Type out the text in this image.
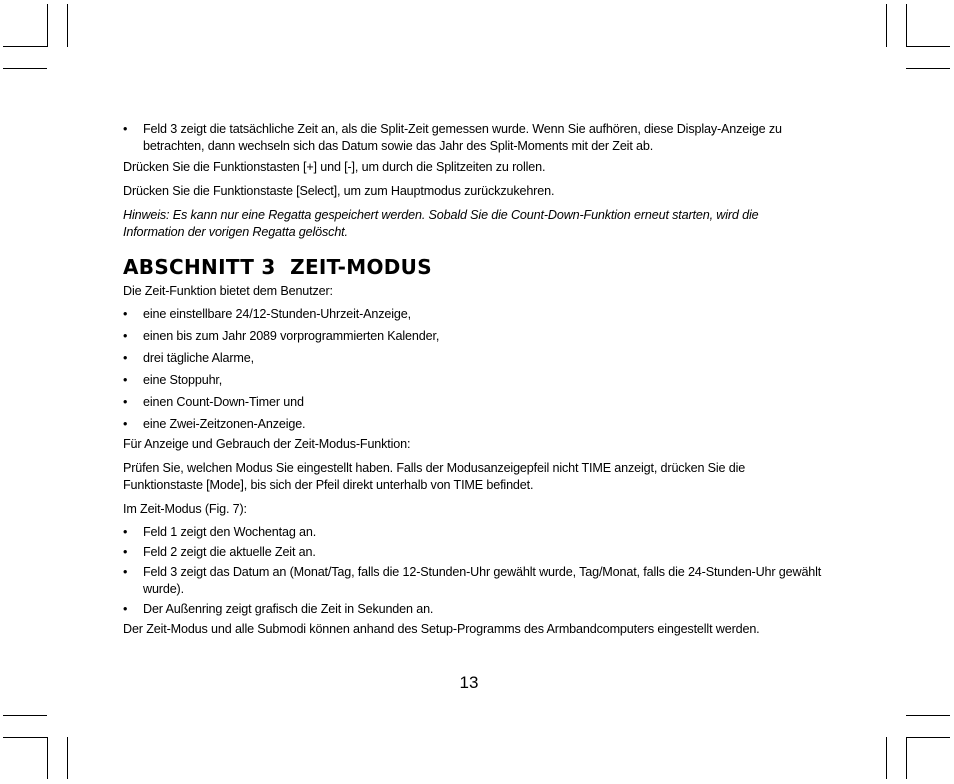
• Feld 3 zeigt die tatsächliche Zeit an, als die Split-Zeit gemessen wurde. Wenn Sie aufhören, diese Display-Anzeige zu betrachten, dann wechseln sich das Datum sowie das Jahr des Split-Moments mit der Zeit ab.

Drücken Sie die Funktionstasten [+] und [-], um durch die Splitzeiten zu rollen.

Drücken Sie die Funktionstaste [Select], um zum Hauptmodus zurückzukehren.

Hinweis: Es kann nur eine Regatta gespeichert werden. Sobald Sie die Count-Down-Funktion erneut starten, wird die Information der vorigen Regatta gelöscht.

ABSCHNITT 3  ZEIT-MODUS

Die Zeit-Funktion bietet dem Benutzer:

• eine einstellbare 24/12-Stunden-Uhrzeit-Anzeige,
• einen bis zum Jahr 2089 vorprogrammierten Kalender,
• drei tägliche Alarme,
• eine Stoppuhr,
• einen Count-Down-Timer und
• eine Zwei-Zeitzonen-Anzeige.

Für Anzeige und Gebrauch der Zeit-Modus-Funktion:

Prüfen Sie, welchen Modus Sie eingestellt haben. Falls der Modusanzeigepfeil nicht TIME anzeigt, drücken Sie die Funktionstaste [Mode], bis sich der Pfeil direkt unterhalb von TIME befindet.

Im Zeit-Modus (Fig. 7):

• Feld 1 zeigt den Wochentag an.
• Feld 2 zeigt die aktuelle Zeit an.
• Feld 3 zeigt das Datum an (Monat/Tag, falls die 12-Stunden-Uhr gewählt wurde, Tag/Monat, falls die 24-Stunden-Uhr gewählt wurde).
• Der Außenring zeigt grafisch die Zeit in Sekunden an.

Der Zeit-Modus und alle Submodi können anhand des Setup-Programms des Armbandcomputers eingestellt werden.

13
